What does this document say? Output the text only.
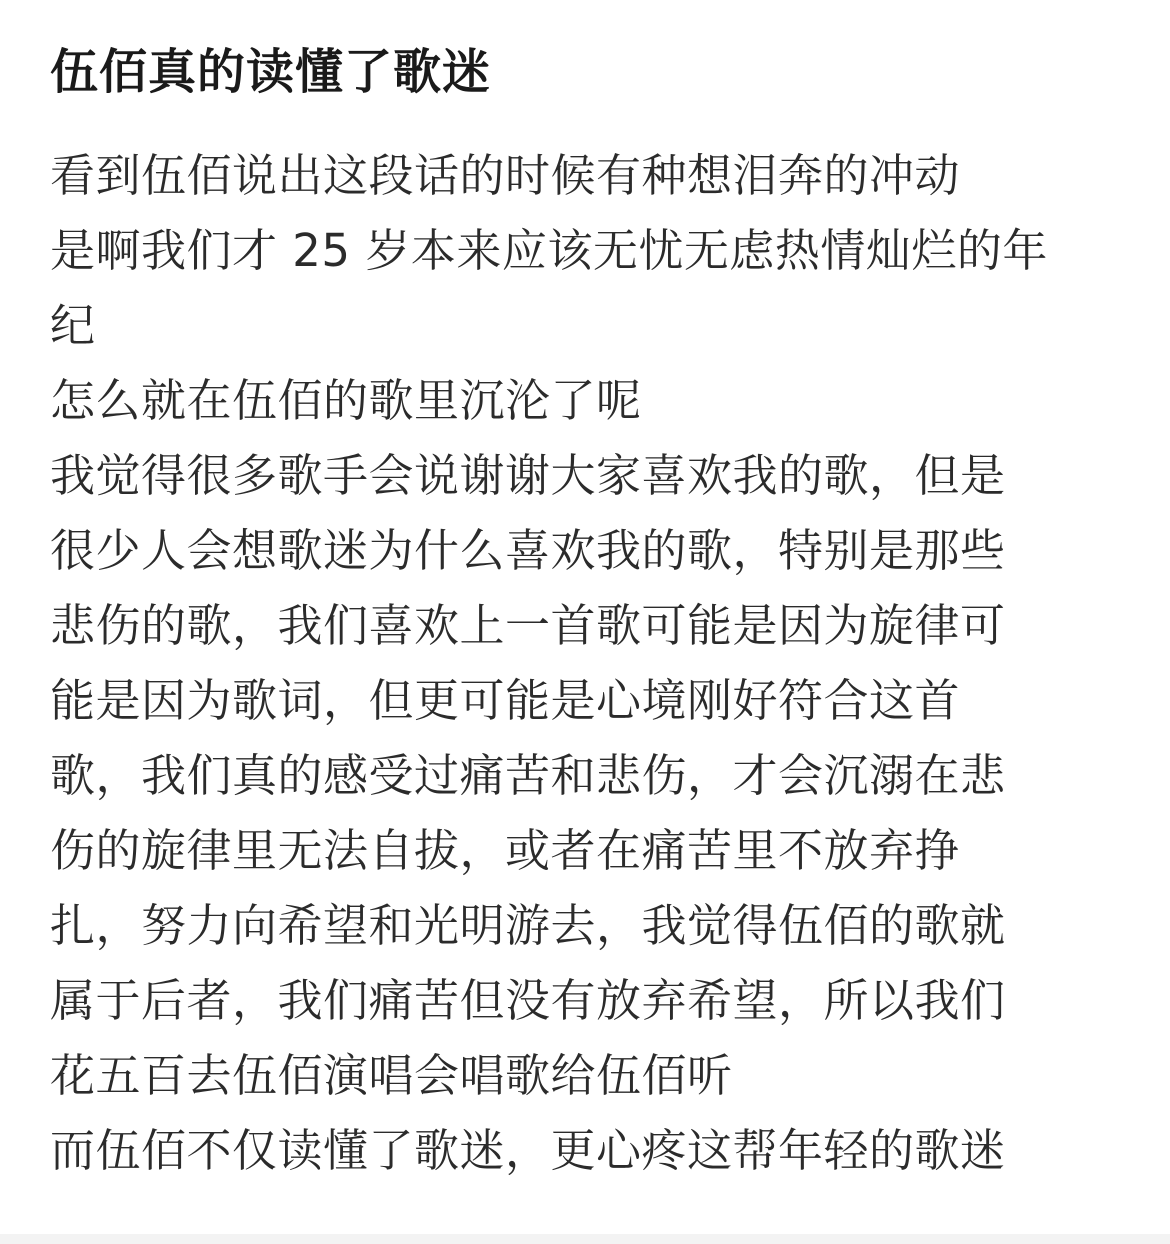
伍佰真的读懂了歌迷
看到伍佰说出这段话的时候有种想泪奔的冲动
是啊我们才 25 岁本来应该无忧无虑热情灿烂的年
纪
怎么就在伍佰的歌里沉沦了呢
我觉得很多歌手会说谢谢大家喜欢我的歌，但是
很少人会想歌迷为什么喜欢我的歌，特别是那些
悲伤的歌，我们喜欢上一首歌可能是因为旋律可
能是因为歌词，但更可能是心境刚好符合这首
歌，我们真的感受过痛苦和悲伤，才会沉溺在悲
伤的旋律里无法自拔，或者在痛苦里不放弃挣
扎，努力向希望和光明游去，我觉得伍佰的歌就
属于后者，我们痛苦但没有放弃希望，所以我们
花五百去伍佰演唱会唱歌给伍佰听
而伍佰不仅读懂了歌迷，更心疼这帮年轻的歌迷
